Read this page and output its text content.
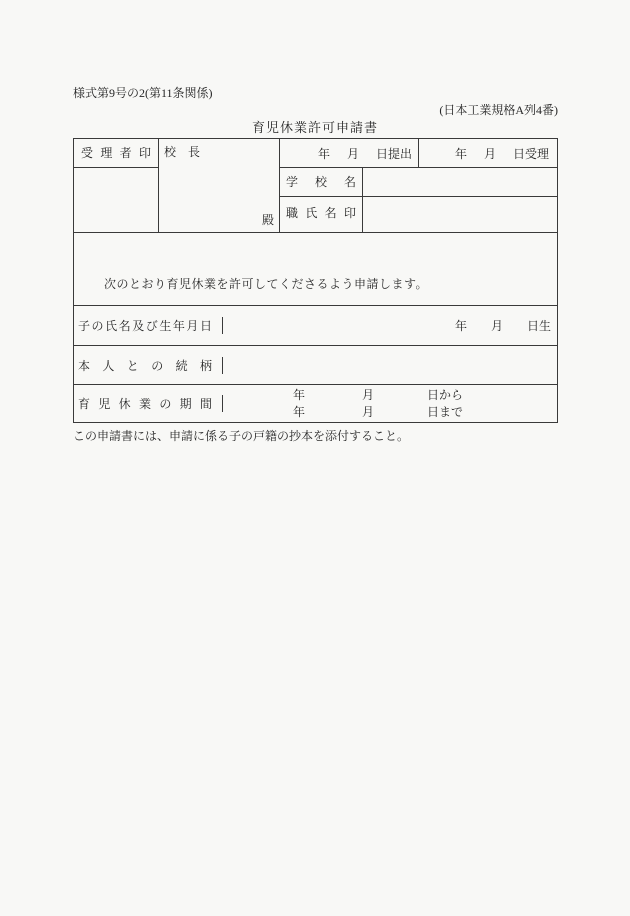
様式第9号の2(第11条関係)
(日本工業規格A列4番)
育児休業許可申請書
受理者印	校長
殿
年 月 日提出	年 月 日受理
学校名
職氏名印
次のとおり育児休業を許可してくださるよう申請します。
子の氏名及び生年月日	年 月 日生
本人との続柄
育児休業の期間
年	月	日から
年	月	日まで
この申請書には、申請に係る子の戸籍の抄本を添付すること。
